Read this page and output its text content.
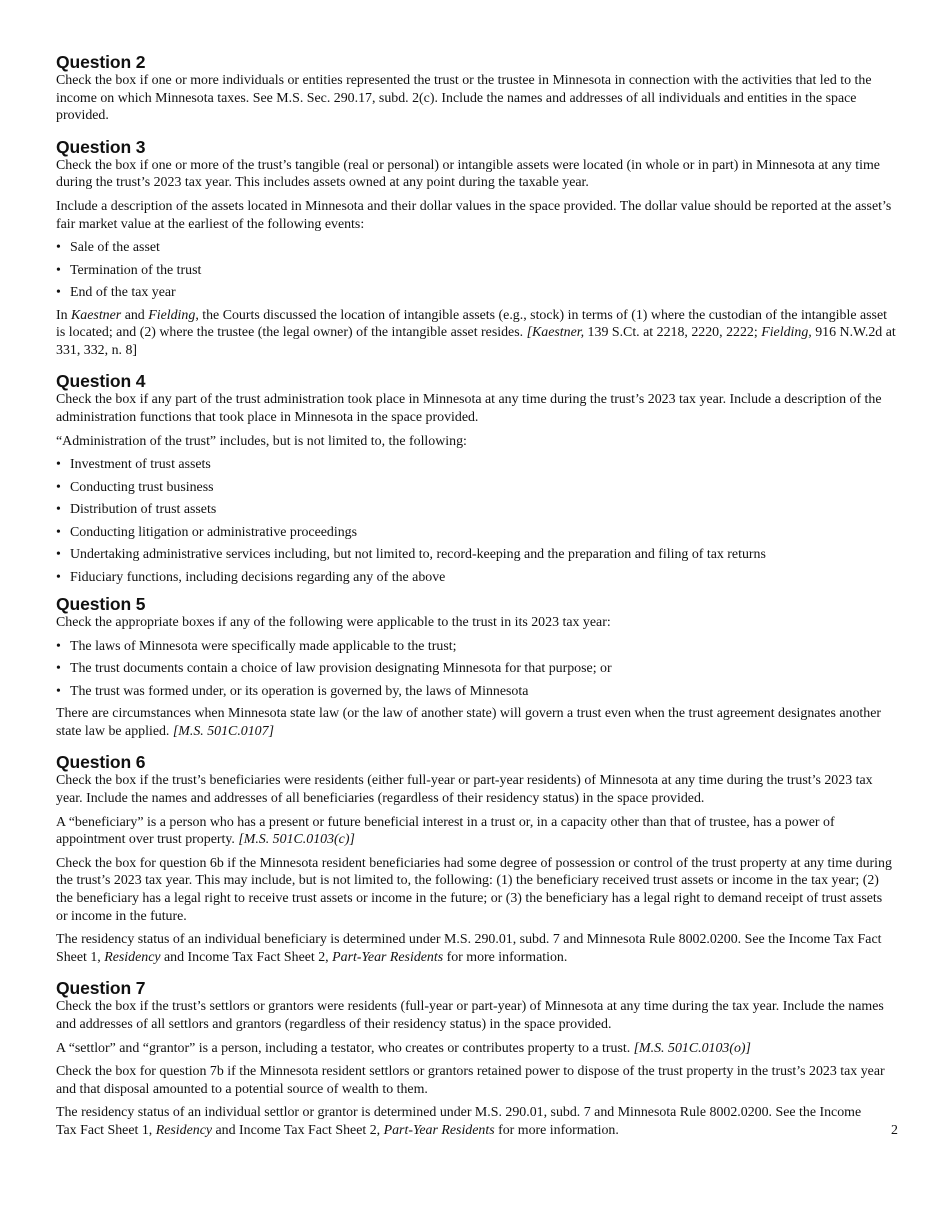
Question 2

Check the box if one or more individuals or entities represented the trust or the trustee in Minnesota in connection with the activities that led to the income on which Minnesota taxes. See M.S. Sec. 290.17, subd. 2(c). Include the names and addresses of all individuals and entities in the space provided.

Question 3

Check the box if one or more of the trust’s tangible (real or personal) or intangible assets were located (in whole or in part) in Minnesota at any time during the trust’s 2023 tax year. This includes assets owned at any point during the taxable year.

Include a description of the assets located in Minnesota and their dollar values in the space provided. The dollar value should be reported at the asset’s fair market value at the earliest of the following events:

• Sale of the asset
• Termination of the trust
• End of the tax year

In Kaestner and Fielding, the Courts discussed the location of intangible assets (e.g., stock) in terms of (1) where the custodian of the intangible asset is located; and (2) where the trustee (the legal owner) of the intangible asset resides. [Kaestner, 139 S.Ct. at 2218, 2220, 2222; Fielding, 916 N.W.2d at 331, 332, n. 8]

Question 4

Check the box if any part of the trust administration took place in Minnesota at any time during the trust’s 2023 tax year. Include a description of the administration functions that took place in Minnesota in the space provided.

“Administration of the trust” includes, but is not limited to, the following:

• Investment of trust assets
• Conducting trust business
• Distribution of trust assets
• Conducting litigation or administrative proceedings
• Undertaking administrative services including, but not limited to, record-keeping and the preparation and filing of tax returns
• Fiduciary functions, including decisions regarding any of the above
Question 5

Check the appropriate boxes if any of the following were applicable to the trust in its 2023 tax year:

• The laws of Minnesota were specifically made applicable to the trust;
• The trust documents contain a choice of law provision designating Minnesota for that purpose; or
• The trust was formed under, or its operation is governed by, the laws of Minnesota

There are circumstances when Minnesota state law (or the law of another state) will govern a trust even when the trust agreement designates another state law be applied. [M.S. 501C.0107]

Question 6

Check the box if the trust’s beneficiaries were residents (either full-year or part-year residents) of Minnesota at any time during the trust’s 2023 tax year. Include the names and addresses of all beneficiaries (regardless of their residency status) in the space provided.

A “beneficiary” is a person who has a present or future beneficial interest in a trust or, in a capacity other than that of trustee, has a power of appointment over trust property. [M.S. 501C.0103(c)]

Check the box for question 6b if the Minnesota resident beneficiaries had some degree of possession or control of the trust property at any time during the trust’s 2023 tax year. This may include, but is not limited to, the following: (1) the beneficiary received trust assets or income in the tax year; (2) the beneficiary has a legal right to receive trust assets or income in the future; or (3) the beneficiary has a legal right to demand receipt of trust assets or income in the future.

The residency status of an individual beneficiary is determined under M.S. 290.01, subd. 7 and Minnesota Rule 8002.0200. See the Income Tax Fact Sheet 1, Residency and Income Tax Fact Sheet 2, Part-Year Residents for more information.

Question 7

Check the box if the trust’s settlors or grantors were residents (full-year or part-year) of Minnesota at any time during the tax year. Include the names and addresses of all settlors and grantors (regardless of their residency status) in the space provided.

A “settlor” and “grantor” is a person, including a testator, who creates or contributes property to a trust. [M.S. 501C.0103(o)]

Check the box for question 7b if the Minnesota resident settlors or grantors retained power to dispose of the trust property in the trust’s 2023 tax year and that disposal amounted to a potential source of wealth to them.

The residency status of an individual settlor or grantor is determined under M.S. 290.01, subd. 7 and Minnesota Rule 8002.0200. See the Income Tax Fact Sheet 1, Residency and Income Tax Fact Sheet 2, Part-Year Residents for more information.	2
